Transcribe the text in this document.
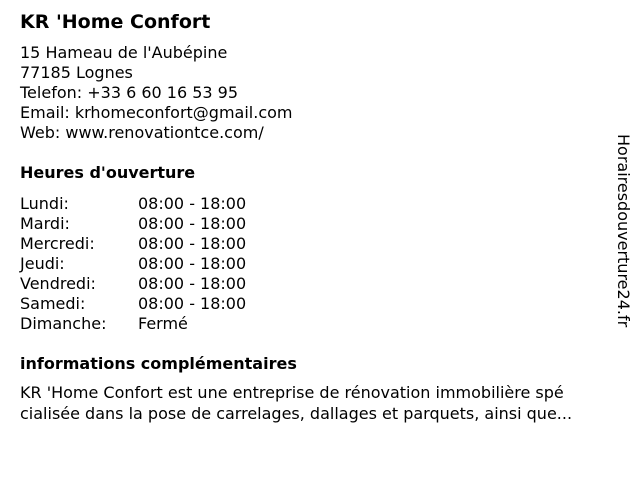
KR 'Home Confort
15 Hameau de l'Aubépine
77185 Lognes
Telefon: +33 6 60 16 53 95
Email: krhomeconfort@gmail.com
Web: www.renovationtce.com/
Heures d'ouverture
Lundi:	08:00 - 18:00
Mardi:	08:00 - 18:00
Mercredi:	08:00 - 18:00
Jeudi:	08:00 - 18:00
Vendredi:	08:00 - 18:00
Samedi:	08:00 - 18:00
Dimanche: Fermé
informations complémentaires
KR 'Home Confort est une entreprise de rénovation immobilière spé
cialisée dans la pose de carrelages, dallages et parquets, ainsi que...
Horairesdouverture24.fr
